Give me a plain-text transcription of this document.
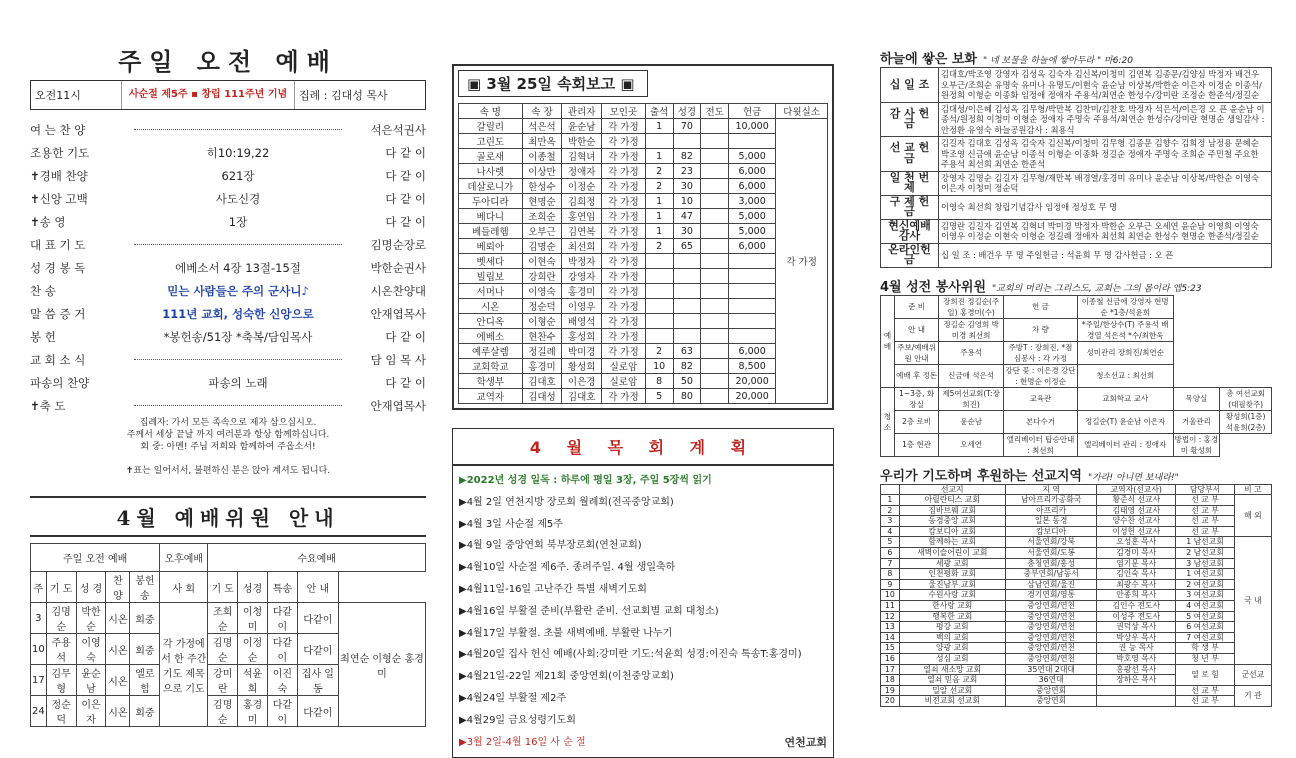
주일 오전 예배
오전11시	사순절 제5주 ▪ 창립 111주년 기념	집례 : 김대성 목사
여 는 찬 양	석은석권사
조용한 기도	히10:19,22	다 같 이
✝경배 찬양	621장	다 같 이
✝신앙 고백	사도신경	다 같 이
✝송 영	1장	다 같 이
대 표 기 도	김명순장로
성 경 봉 독	에베소서 4장 13절-15절	박한순권사
찬 송	믿는 사람들은 주의 군사니♪	시온찬양대
말 씀 증 거	111년 교회, 성숙한 신앙으로	안재엽목사
봉 헌	*봉헌송/51장 *축복/담임목사	다 같 이
교 회 소 식	담 임 목 사
파송의 찬양	파송의 노래	다 같 이
✝축 도	안재엽목사
집례자: 가서 모든 족속으로 제자 삼으십시오.
주께서 세상 끝날 까지 여러분과 항상 함께하십니다.
회 중: 아멘! 주님 저희와 함께하여 주옵소서!
✝표는 일어서서, 불편하신 분은 앉아 계셔도 됩니다.
4월 예배위원 안내
주일 오전 예배					오후예배	수요예배				
주	기 도	성 경	찬 양	봉헌송	사 회	기 도	성경	특송	안 내	
3	김명순	박한순	시온	회중	각 가정에서 한 주간 기도 제목으로 기도	조희순	이청미	다같이	다같이	최연순 이형순 홍경미
10	주용석	이영숙	시온	회중		김명순	이정순	다같이	다같이	
17	김무형	윤순남	시온	엘로힘		강미란	석윤희	이진숙	집사 일동	
24	정순덕	이은자	시온	회중		김명순	홍경미	다같이	다같이	
▣ 3월 25일 속회보고 ▣
속 명	속 장	관리자	모인곳	출석	성경	전도	헌금	다윗실소
갈릴리	석은석	윤순남	각 가정	1	70		10,000	각 가정
고린도	최만옥	박한순	각 가정					
골로새	이종철	김혁녀	각 가정	1	82		5,000	
나사렛	이상만	정애자	각 가정	2	23		6,000	
데살로니가	한성수	이정순	각 가정	2	30		6,000	
두아디라	현명순	김희정	각 가정	1	10		3,000	
베다니	조희순	홍연임	각 가정	1	47		5,000	
베들레헴	오부근	김연복	각 가정	1	30		5,000	
베뢰아	김명순	최선희	각 가정	2	65		6,000	
벳세다	이현숙	박정자	각 가정					
빌립보	강희란	강영자	각 가정					
서머나	이영숙	홍경미	각 가정					
시온	정순덕	이영우	각 가정					
안디옥	이형순	배영석	각 가정					
에베소	현찬수	홍성희	각 가정					
예루살렘	정길례	박미경	각 가정	2	63		6,000	
교회학교	홍경미	황성희	실로암	10	82		8,500	
학생부	김대호	이은경	실로암	8	50		20,000	
교역자	김대성	김대호	각 가정	5	80		20,000	
4 월 목 회 계 획
▶2022년 성경 일독 : 하루에 평일 3장, 주일 5장씩 읽기
▶4월 2일 연천지방 장로회 월례회(전곡중앙교회)
▶4월 3일 사순절 제5주
▶4월 9일 중앙연회 북부장로회(연천교회)
▶4월10일 사순절 제6주. 종려주일. 4월 생일축하
▶4월11일-16일 고난주간 특별 새벽기도회
▶4월16일 부활절 준비(부활란 준비. 선교회별 교회 대청소)
▶4월17일 부활절. 초불 새벽예배. 부활란 나누기
▶4월20일 집사 헌신 예배(사회:강미란 기도:석윤희 성경:이진숙 특송T:홍경미)
▶4월21일-22일 제21회 중앙연회(이천중앙교회)
▶4월24일 부활절 제2주
▶4월29일 금요성령기도회
▶3월 2일-4월 16일 사 순 절	연천교회
하늘에 쌓은 보화 " 네 보물을 하늘에 쌓아두라 " 마6:20
십 일 조	김대호/박조영 강영자 김성옥 김숙자 김신복/이청미 김연복 김종문/김양심 박정자 배건우 오부근/조희순 유명숙 유미나 유명도/이현숙 윤순남 이상복/박한순 이은자 이정순 이종석/원정희 이형순 이종화 임정애 정애자 주용석/최연순 한성수/강미란 조정순 한준석/정길순
감 사 헌 금	김대성/이은혜 김성옥 김무형/박만복 김찬미/김찬호 박정자 석은석/이은경 오 픈 윤순남 이종석/원정희 이청미 이형순 정애자 주명숙 주용석/최연순 한성수/강미란 현명순 생일감사 : 안정환 유영숙 하늘공원감사 : 최용식
선 교 헌 금	김길자 김대호 김성옥 김숙자 김신복/이청미 김무형 김종문 김향수 김희정 남정용 문혜순 박조영 신금애 윤순남 이종석 이형순 이종화 정길순 정애자 주명숙 조희순 주민철 주요한 주용석 최선희 최연순 한준석
일 천 번 제	강영자 김명순 김길자 김무형/재만복 배경열/홍경미 유미나 윤순남 이상복/박한순 이영숙 이은자 이청미 정순덕
구 제 헌 금	이영숙 최선희 창립기념감사 임정애 정성호 무 명
현신예배감사	김명란 김길자 김연복 김혁녀 박미경 박정자 박한순 오부근 오세연 윤순남 이영희 이영숙 이영우 이정순 이현숙 이형순 정길례 정애자 최선희 최연순 한성수 현명순 한준석/정길순
온라인헌금	십 일 조 : 배건우 무 명 주일헌금 : 석윤희 무 명 감사헌금 : 오 픈
4월 성전 봉사위원 "교회의 머리는 그리스도, 교회는 그의 몸이라 엡5:23
예 배	준 비	장희진 정길순(주일) 홍경미(수)	헌 금	이종철 신금애 강영자 현명순 *1층/석윤희		
	안 내	정길순 김영희 박미경 최선희	차 량	*주일/한상수(T) 주용석 배경열 석은석 *수/최한욱		
	주보/예배위원 안내	주용석	주방T : 장희진, *점심봉사 : 각 가정	성미관리 장희진/최연순		
	예배 후 정돈	신금애 석은석	강단 꽃 : 이은경 강단 : 현명순 이정순	청소선교 : 최선희		
청 소	1~3층, 화장실	제5여선교회(T:장희진)	교육관	교회학교 교사	목양실	총 여선교회 (대필찾주)
	2층 로비	윤순남	본다수거	정길순(T) 윤순남 이은자	거울관리	황성희(1층) 석윤희(2층)
	1층 현관	오세연	엘리베이터 탑승안내 : 최선희	엘리베이터 관리 : 정애자	방법이 : 홍경미 황성희	
우리가 기도하며 후원하는 선교지역 "가라! 아니면 보내라!"
	선교지	지 역	교역자(선교사)	담당부서	비 고
1	아릴란티스 교회	남아프리카공화국	황준식 선교사	선 교 부	해 외
2	짐바브웨 교회	아프리카	김태영 선교사	선 교 부	
3	동경중앙 교회	일본 동경	양수찬 선교사	선 교 부	
4	캄보디아 교회	캄보디아	이성헌 선교사	선 교 부	
5	함께하는 교회	서울연회/강북	오성훈 목사	1 남선교회	국 내
6	새벽이슬어린이 교회	서울연회/도봉	김경미 목사	2 남선교회	
7	세광 교회	충청연회/홍성	염기문 목사	3 남선교회	
8	인천평화 교회	중부연회/남동서	김인숙 목사	1 여선교회	
9	울진남부 교회	삼남연회/울진	최광수 목사	2 여선교회	
10	수원사랑 교회	경기연회/영통	안종희 목사	3 여선교회	
11	한사랑 교회	중앙연회/연천	김인수 전도사	4 여선교회	
12	행복한 교회	중앙연회/연천	이성주 전도사	5 여선교회	
13	평강 교회	중앙연회/연천	권덕상 목사	6 여선교회	
14	백의 교회	중앙연회/연천	박상우 목사	7 여선교회	
15	양광 교회	중앙연회/연천	권 능 목사	학 생 부	
16	성심 교회	중앙연회/연천	박호영 목사	청 년 부	
17	열쇠 새소망 교회	35연대 2대대	홍광선 목사	열 로 힘	군선교
18	열쇠 믿음 교회	36연대	장하은 목사		
19	밀알 선교회	중앙연회		선 교 부	기 관
20	비전교회 선교회	중앙연회		선 교 부	
